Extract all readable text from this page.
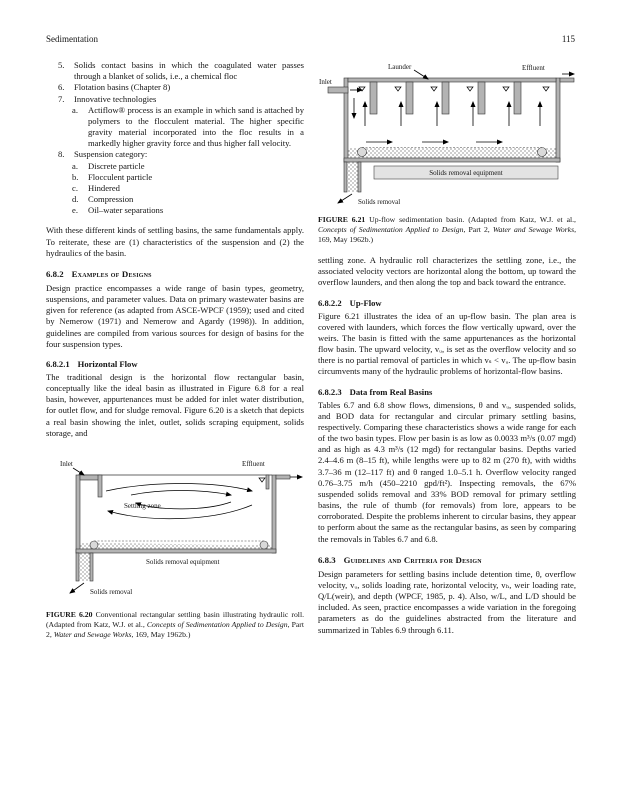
Sedimentation	115
5.	Solids contact basins in which the coagulated water passes through a blanket of solids, i.e., a chemical floc
6.	Flotation basins (Chapter 8)
7.	Innovative technologies
a.	Actiflow® process is an example in which sand is attached by polymers to the flocculent material. The higher specific gravity material incorporated into the floc results in a markedly higher gravity force and thus higher fall velocity.
8.	Suspension category:
a.	Discrete particle
b.	Flocculent particle
c.	Hindered
d.	Compression
e.	Oil–water separations

With these different kinds of settling basins, the same fundamentals apply. To reiterate, these are (1) characteristics of the suspension and (2) the hydraulics of the basin.

6.8.2 Examples of Designs

Design practice encompasses a wide range of basin types, geometry, suspensions, and parameter values. Data on primary wastewater basins are given for reference (as adapted from ASCE-WPCF (1959); used and cited by Nemerow (1971) and Nemerow and Agardy (1998)). In addition, guidelines are compiled from various sources for design of basins for the four suspension types.

6.8.2.1 Horizontal Flow

The traditional design is the horizontal flow rectangular basin, conceptually like the ideal basin as illustrated in Figure 6.8 for a real basin, however, appurtenances must be added for inlet water distribution, for outlet flow, and for sludge removal. Figure 6.20 is a sketch that depicts a real basin showing the inlet, outlet, solids scraping equipment, solids storage, and

Inlet	Effluent
Settling zone
Solids removal equipment
Solids removal

FIGURE 6.20 Conventional rectangular settling basin illustrating hydraulic roll. (Adapted from Katz, W.J. et al., Concepts of Sedimentation Applied to Design, Part 2, Water and Sewage Works, 169, May 1962b.)

Launder	Effluent
Inlet
Solids removal equipment
Solids removal

FIGURE 6.21 Up-flow sedimentation basin. (Adapted from Katz, W.J. et al., Concepts of Sedimentation Applied to Design, Part 2, Water and Sewage Works, 169, May 1962b.)

settling zone. A hydraulic roll characterizes the settling zone, i.e., the associated velocity vectors are horizontal along the bottom, up toward the overflow launders, and then along the top and back toward the entrance.

6.8.2.2 Up-Flow

Figure 6.21 illustrates the idea of an up-flow basin. The plan area is covered with launders, which forces the flow vertically upward, over the weirs. The basin is fitted with the same appurtenances as the horizontal flow basin. The upward velocity, vᵤ, is set as the overflow velocity and so there is no partial removal of particles in which vₛ < vᵤ. The up-flow basin circumvents many of the hydraulic problems of horizontal-flow basins.

6.8.2.3 Data from Real Basins

Tables 6.7 and 6.8 show flows, dimensions, θ and vᵤ, suspended solids, and BOD data for rectangular and circular primary settling basins, respectively. Comparing these characteristics shows a wide range for each of the two basin types. Flow per basin is as low as 0.0033 m³/s (0.07 mgd) and as high as 4.3 m³/s (12 mgd) for rectangular basins. Depths varied 2.4–4.6 m (8–15 ft), while lengths were up to 82 m (270 ft), with widths 3.7–36 m (12–117 ft) and θ ranged 1.0–5.1 h. Overflow velocity ranged 0.76–3.75 m/h (450–2210 gpd/ft²). Inspecting removals, the 67% suspended solids removal and 33% BOD removal for primary settling basins, the rule of thumb (for removals) from lore, appears to be corroborated. Despite the problems inherent to circular basins, they appear to perform about the same as the rectangular basins, as seen by comparing the removals in Tables 6.7 and 6.8.

6.8.3 Guidelines and Criteria for Design

Design parameters for settling basins include detention time, θ, overflow velocity, vᵤ, solids loading rate, horizontal velocity, vₕ, weir loading rate, Q/L(weir), and depth (WPCF, 1985, p. 4). Also, w/L, and L/D should be included. As seen, practice encompasses a wide variation in the foregoing parameters as do the guidelines abstracted from the literature and summarized in Tables 6.9 through 6.11.
